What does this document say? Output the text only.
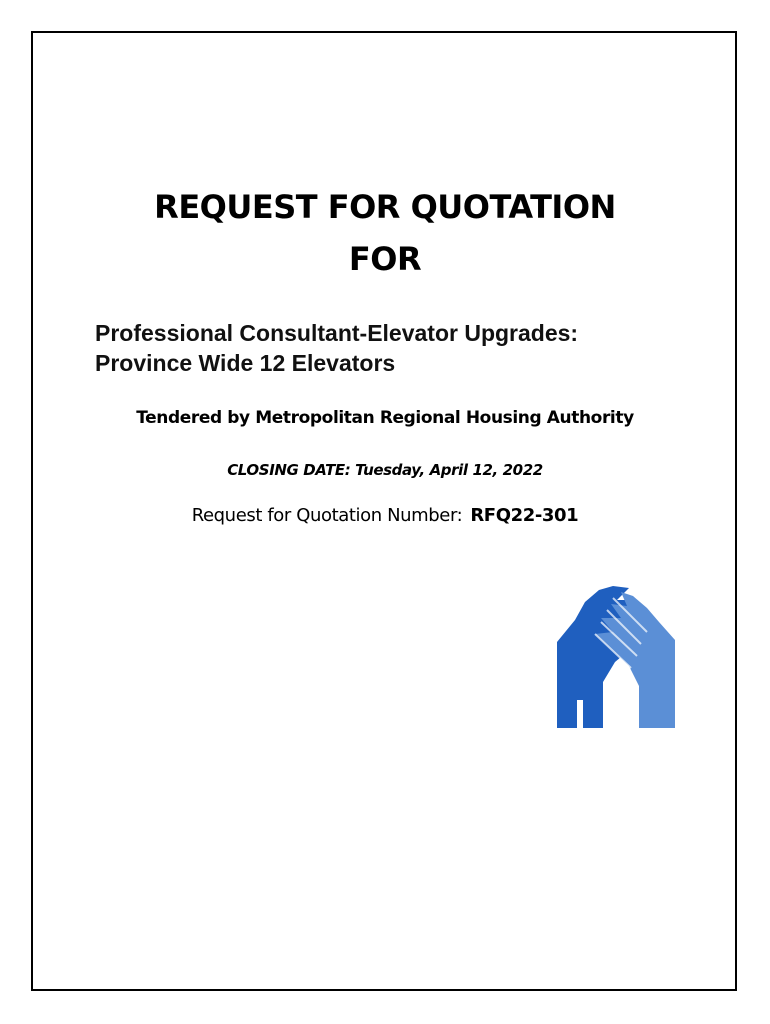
REQUEST FOR QUOTATION
FOR
Professional Consultant-Elevator Upgrades:
Province Wide 12 Elevators
Tendered by Metropolitan Regional Housing Authority
CLOSING DATE: Tuesday, April 12, 2022
Request for Quotation Number: RFQ22-301
